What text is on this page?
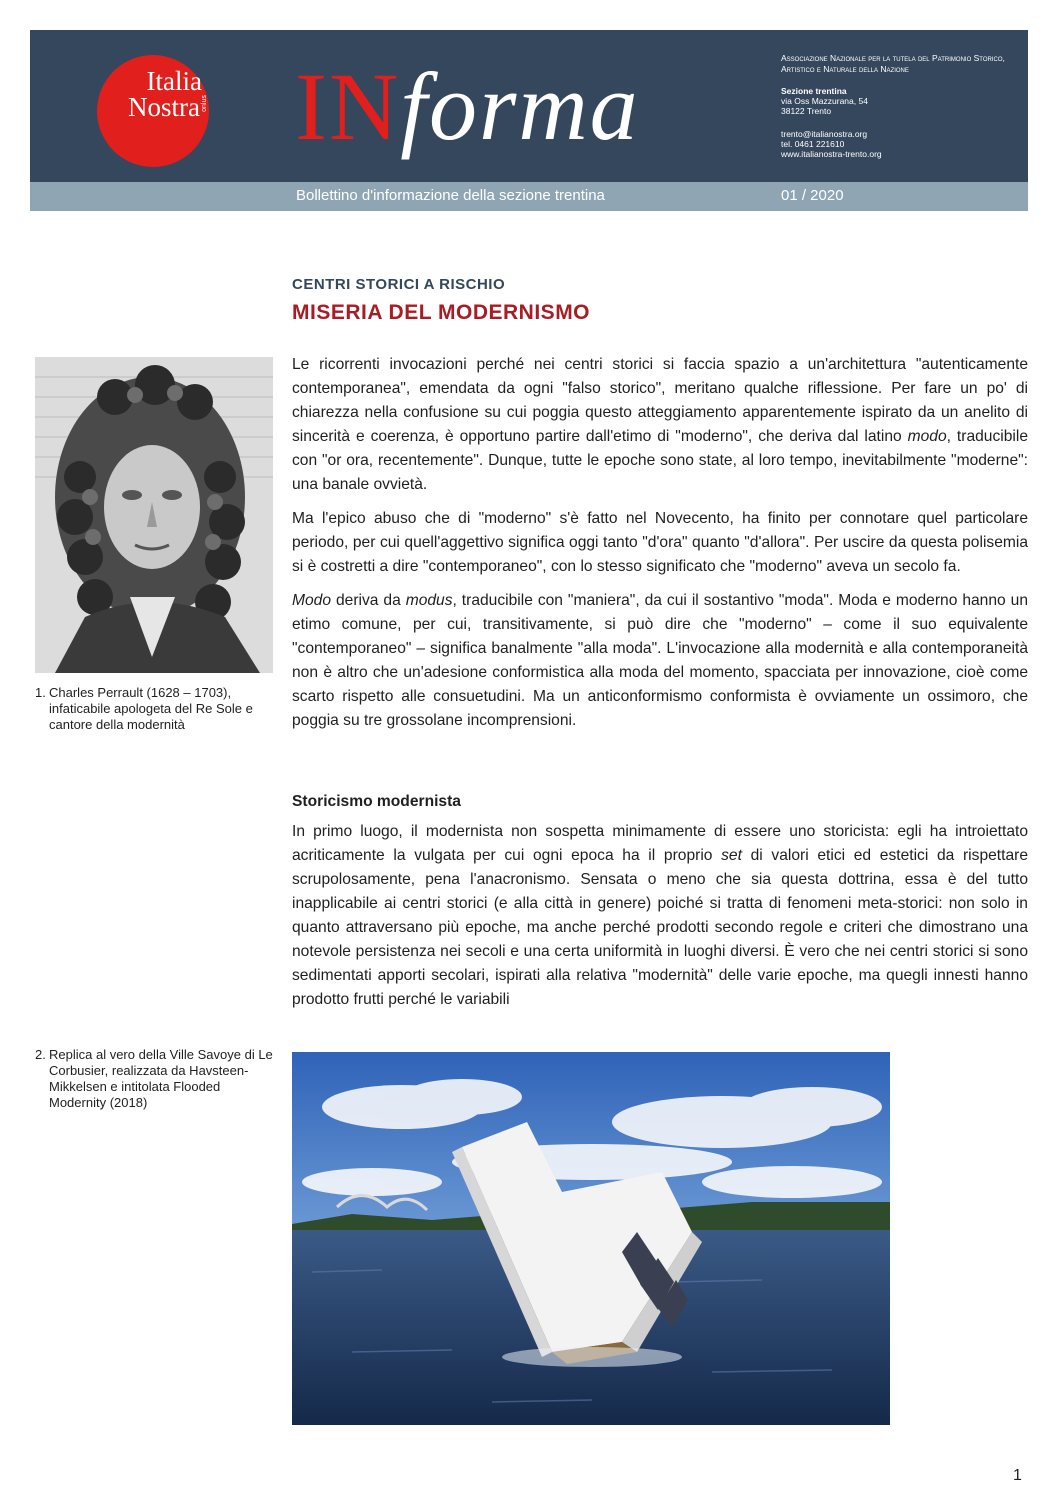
Italia
Nostra onlus INforma	Associazione Nazionale per la tutela del Patrimonio Storico, Artistico e Naturale della Nazione
Sezione trentina
via Oss Mazzurana, 54
38122 Trento
trento@italianostra.org
tel. 0461 221610
www.italianostra-trento.org
Bollettino d'informazione della sezione trentina	01 / 2020
CENTRI STORICI A RISCHIO
MISERIA DEL MODERNISMO
1. Charles Perrault (1628 – 1703), infaticabile apologeta del Re Sole e cantore della modernità

Le ricorrenti invocazioni perché nei centri storici si faccia spazio a un'architettura "autenticamente contemporanea", emendata da ogni "falso storico", meritano qualche riflessione. Per fare un po' di chiarezza nella confusione su cui poggia questo atteggiamento apparentemente ispirato da un anelito di sincerità e coerenza, è opportuno partire dall'etimo di "moderno", che deriva dal latino modo, traducibile con "or ora, recentemente". Dunque, tutte le epoche sono state, al loro tempo, inevitabilmente "moderne": una banale ovvietà.

Ma l'epico abuso che di "moderno" s'è fatto nel Novecento, ha finito per connotare quel particolare periodo, per cui quell'aggettivo significa oggi tanto "d'ora" quanto "d'allora". Per uscire da questa polisemia si è costretti a dire "contemporaneo", con lo stesso significato che "moderno" aveva un secolo fa.

Modo deriva da modus, traducibile con "maniera", da cui il sostantivo "moda". Moda e moderno hanno un etimo comune, per cui, transitivamente, si può dire che "moderno" – come il suo equivalente "contemporaneo" – significa banalmente "alla moda". L'invocazione alla modernità e alla contemporaneità non è altro che un'adesione conformistica alla moda del momento, spacciata per innovazione, cioè come scarto rispetto alle consuetudini. Ma un anticonformismo conformista è ovviamente un ossimoro, che poggia su tre grossolane incomprensioni.

Storicismo modernista

In primo luogo, il modernista non sospetta minimamente di essere uno storicista: egli ha introiettato acriticamente la vulgata per cui ogni epoca ha il proprio set di valori etici ed estetici da rispettare scrupolosamente, pena l'anacronismo. Sensata o meno che sia questa dottrina, essa è del tutto inapplicabile ai centri storici (e alla città in genere) poiché si tratta di fenomeni meta-storici: non solo in quanto attraversano più epoche, ma anche perché prodotti secondo regole e criteri che dimostrano una notevole persistenza nei secoli e una certa uniformità in luoghi diversi. È vero che nei centri storici si sono sedimentati apporti secolari, ispirati alla relativa "modernità" delle varie epoche, ma quegli innesti hanno prodotto frutti perché le variabili

2. Replica al vero della Ville Savoye di Le Corbusier, realizzata da Havsteen-Mikkelsen e intitolata Flooded Modernity (2018)
1
